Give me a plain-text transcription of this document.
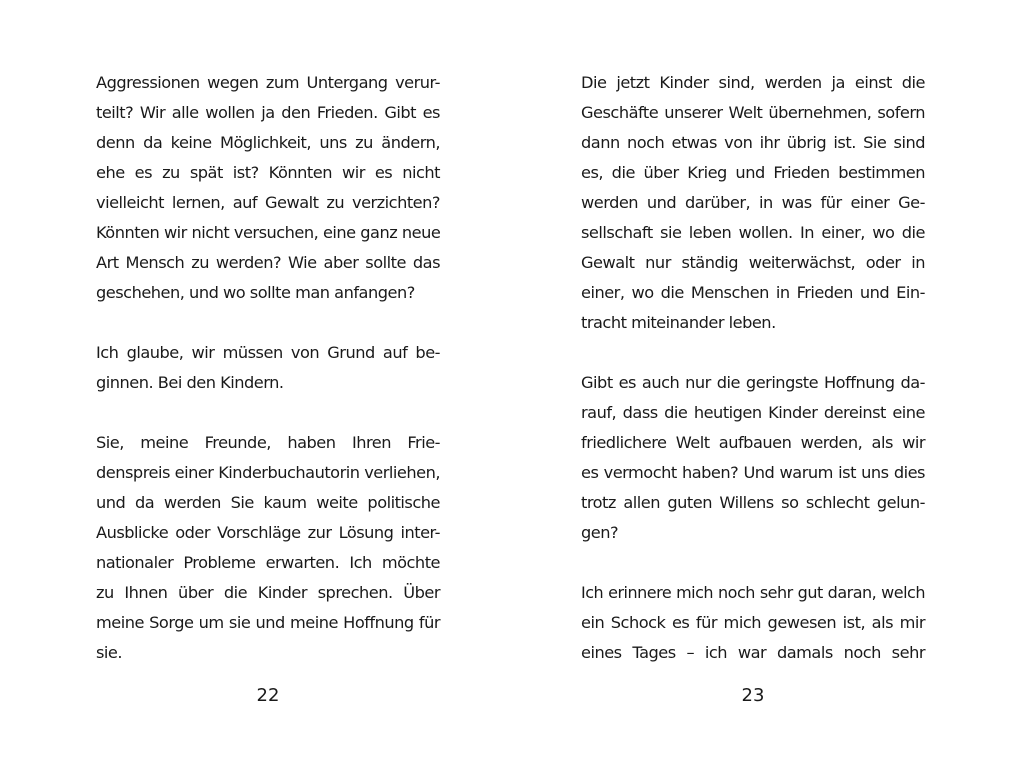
Aggressionen wegen zum Untergang verur-
teilt? Wir alle wollen ja den Frieden. Gibt es
denn da keine Möglichkeit, uns zu ändern,
ehe es zu spät ist? Könnten wir es nicht
vielleicht lernen, auf Gewalt zu verzichten?
Könnten wir nicht versuchen, eine ganz neue
Art Mensch zu werden? Wie aber sollte das
geschehen, und wo sollte man anfangen?
Ich glaube, wir müssen von Grund auf be-
ginnen. Bei den Kindern.
Sie, meine Freunde, haben Ihren Frie-
denspreis einer Kinderbuchautorin verliehen,
und da werden Sie kaum weite politische
Ausblicke oder Vorschläge zur Lösung inter-
nationaler Probleme erwarten. Ich möchte
zu Ihnen über die Kinder sprechen. Über
meine Sorge um sie und meine Hoffnung für
sie.
22
Die jetzt Kinder sind, werden ja einst die
Geschäfte unserer Welt übernehmen, sofern
dann noch etwas von ihr übrig ist. Sie sind
es, die über Krieg und Frieden bestimmen
werden und darüber, in was für einer Ge-
sellschaft sie leben wollen. In einer, wo die
Gewalt nur ständig weiterwächst, oder in
einer, wo die Menschen in Frieden und Ein-
tracht miteinander leben.
Gibt es auch nur die geringste Hoffnung da-
rauf, dass die heutigen Kinder dereinst eine
friedlichere Welt aufbauen werden, als wir
es vermocht haben? Und warum ist uns dies
trotz allen guten Willens so schlecht gelun-
gen?
Ich erinnere mich noch sehr gut daran, welch
ein Schock es für mich gewesen ist, als mir
eines Tages – ich war damals noch sehr
23
